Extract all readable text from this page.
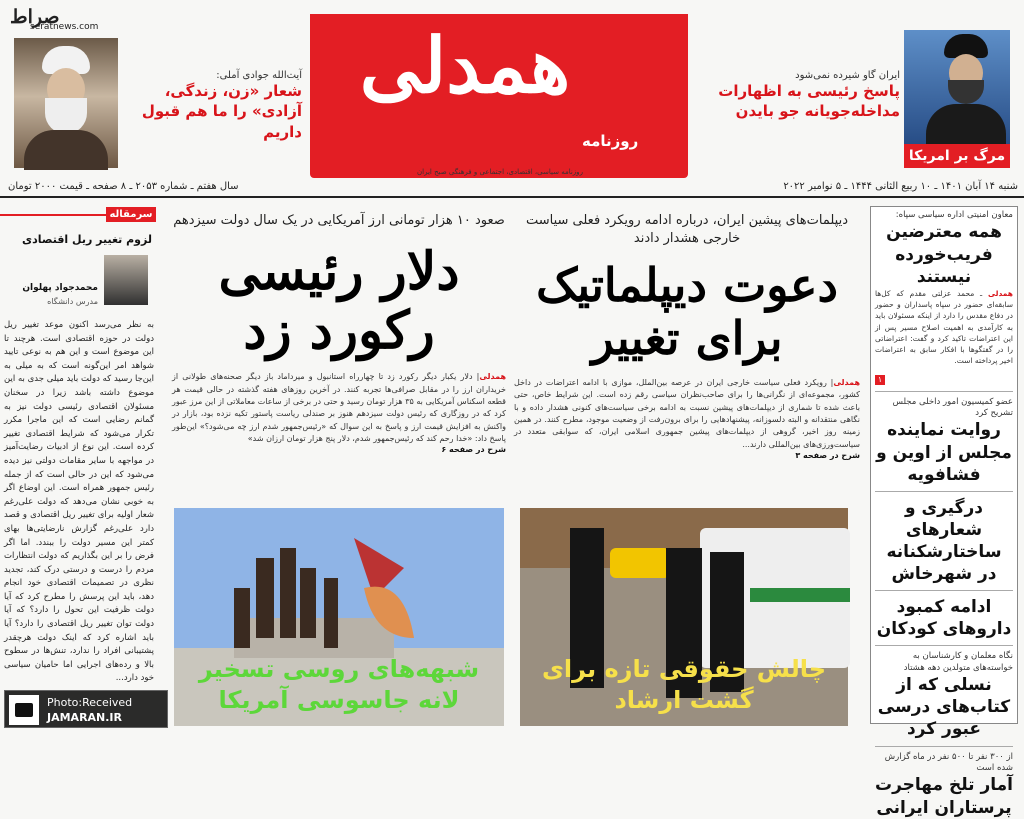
صراط
seratnews.com
آیت‌الله جوادی آملی:
شعار «زن، زندگی، آزادی» را ما هم قبول داریم
همدلی
روزنامه
روزنامه سیاسی، اقتصادی، اجتماعی و فرهنگی صبح ایران
ایران گاو شیرده نمی‌شود
پاسخ رئیسی به اظهارات مداخله‌جویانه جو بایدن
مرگ بر امریکا
شنبه ۱۴ آبان ۱۴۰۱ ـ ۱۰ ربیع الثانی ۱۴۴۴ ـ ۵ نوامبر ۲۰۲۲
سال هفتم ـ شماره ۲۰۵۳ ـ ۸ صفحه ـ قیمت ۲۰۰۰ تومان
معاون امنیتی اداره سیاسی سپاه:
همه معترضین فریب‌خورده نیستند
همدلی ـ محمد عزلتی مقدم که کل‌ها سابقه‌ای حضور در سپاه پاسداران و حضور در دفاع مقدس را دارد از اینکه مسئولان باید به کارآمدی به اهمیت اصلاح مسیر پس از این اعتراضات تاکید کرد و گفت: اعتراضاتی را در گفتگوها با افکار سابق به اعتراضات اخیر پرداخته است.
۱
عضو کمیسیون امور داخلی مجلس تشریح کرد
روایت نماینده مجلس از اوین و فشافویه
درگیری و شعارهای ساختارشکنانه در شهرخاش
ادامه کمبود داروهای کودکان
نگاه معلمان و کارشناسان به خواسته‌های متولدین دهه هشتاد
نسلی که از کتاب‌های درسی عبور کرد
از ۳۰۰ نفر تا ۵۰۰ نفر در ماه گزارش شده است
آمار تلخ مهاجرت پرستاران ایرانی
دیپلمات‌های پیشین ایران، درباره ادامه رویکرد فعلی سیاست خارجی هشدار دادند
دعوت دیپلماتیک
برای تغییر
همدلی| رویکرد فعلی سیاست خارجی ایران در عرصه بین‌الملل، موازی با ادامه اعتراضات در داخل کشور، مجموعه‌ای از نگرانی‌ها را برای صاحب‌نظران سیاسی رقم زده است. این شرایط خاص، حتی باعث شده تا شماری از دیپلمات‌های پیشین نسبت به ادامه برخی سیاست‌های کنونی هشدار داده و با نگاهی منتقدانه و البته دلسوزانه، پیشنهادهایی را برای برون‌رفت از وضعیت موجود، مطرح کنند. در همین زمینه روز اخیر، گروهی از دیپلمات‌های پیشین جمهوری اسلامی ایران، که سوابقی متعدد در سیاست‌ورزی‌های بین‌المللی دارند...
شرح در صفحه ۳
صعود ۱۰ هزار تومانی ارز آمریکایی در یک سال دولت سیزدهم
دلار رئیسی
رکورد زد
همدلی| دلار یکبار دیگر رکورد زد تا چهارراه استانبول و میرداماد باز دیگر صحنه‌های طولانی از خریداران ارز را در مقابل صرافی‌ها تجربه کنند. در آخرین روزهای هفته گذشته در حالی قیمت هر قطعه اسکناس آمریکایی به ۳۵ هزار تومان رسید و حتی در برخی از ساعات معاملاتی از این مرز عبور کرد که در روزگاری که رئیس دولت سیزدهم هنوز بر صندلی ریاست پاستور تکیه نزده بود، بازار در واکنش به افزایش قیمت ارز و پاسخ به این سوال که «رئیس‌جمهور شدم ارز چه می‌شود؟» این‌طور پاسخ داد: «خدا رحم کند که رئیس‌جمهور شدم، دلار پنج هزار تومان ارزان شد»
شرح در صفحه ۶
شبهه‌های روسی تسخیر لانه جاسوسی آمریکا
چالش حقوقی تازه برای گشت ارشاد
سرمقاله
لزوم تغییر ریل اقتصادی
محمدجواد پهلوان
مدرس دانشگاه
به نظر می‌رسد اکنون موعد تغییر ریل دولت در حوزه اقتصادی است. هرچند تا این موضوع است و این هم به نوعی تایید شواهد امر این‌گونه است که به میلی به این‌جا رسید که دولت باید میلی جدی به این موضوع داشته باشد زیرا در سخنان مسئولان اقتصادی رئیسی دولت نیز به گمانم رضایی است که این ماجرا مکرر تکرار می‌شود که شرایط اقتصادی تغییر کرده است. این نوع از ادبیات رضایت‌آمیز در مواجهه با سایر مقامات دولتی نیز دیده می‌شود که این در حالی است که از جمله رئیس جمهور همراه است. این اوضاع اگر به خوبی نشان می‌دهد که دولت علی‌رغم شعار اولیه برای تغییر ریل اقتصادی و قصد دارد علی‌رغم گزارش نارضایتی‌ها بهای کمتر این مسیر دولت را ببندد. اما اگر فرض را بر این بگذاریم که دولت انتظارات مردم را درست و درستی درک کند، تجدید نظری در تصمیمات اقتصادی خود انجام دهد، باید این پرسش را مطرح کرد که آیا دولت ظرفیت این تحول را دارد؟ که آیا دولت توان تغییر ریل اقتصادی را دارد؟ آیا باید اشاره کرد که اینک دولت هرچقدر پشتیبانی افراد را ندارد، تنش‌ها در سطوح بالا و رده‌های اجرایی اما حامیان سیاسی خود دارد...
Photo:Received
JAMARAN.IR
